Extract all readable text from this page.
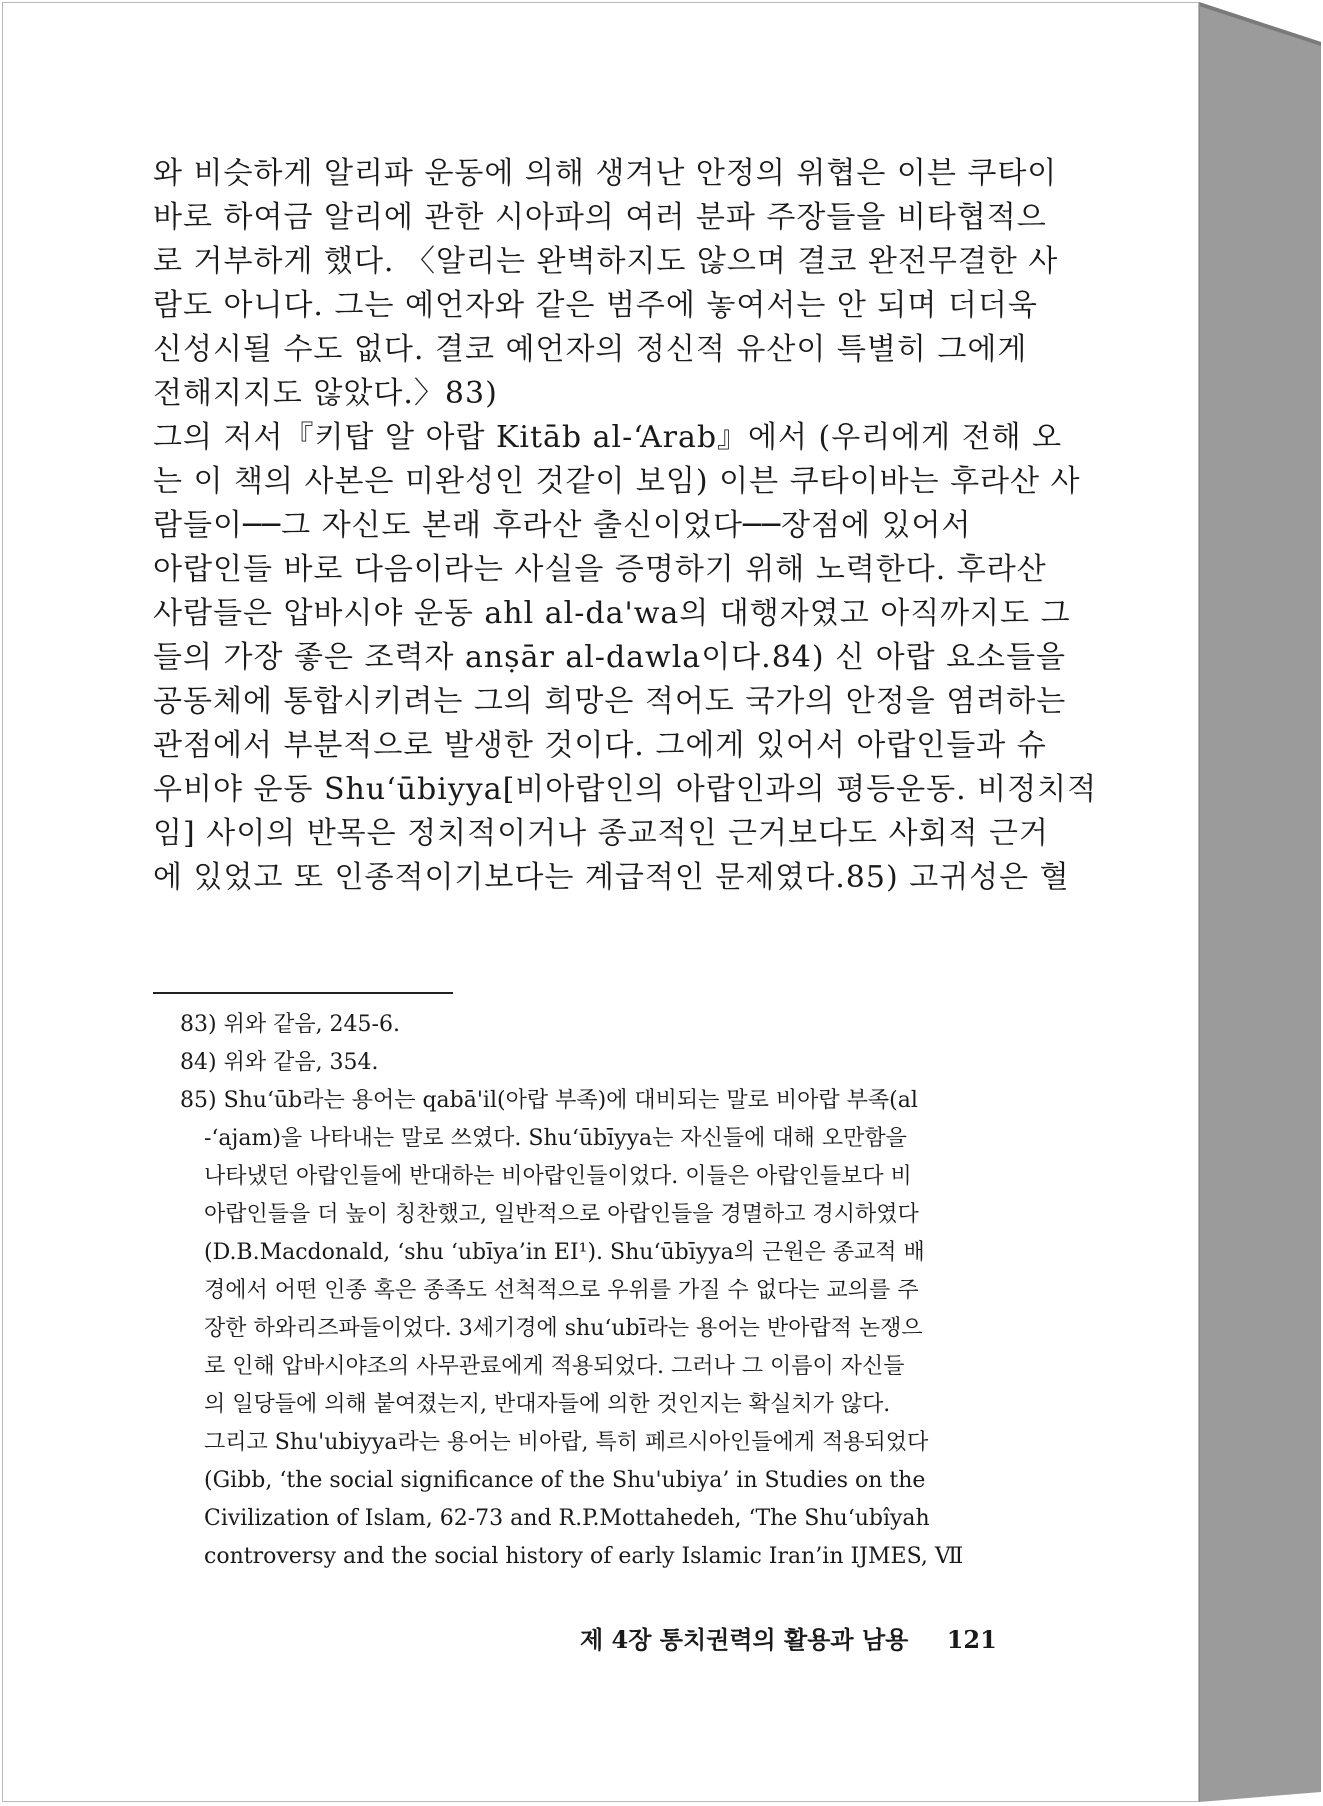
와 비슷하게 알리파 운동에 의해 생겨난 안정의 위협은 이븐 쿠타이
바로 하여금 알리에 관한 시아파의 여러 분파 주장들을 비타협적으
로 거부하게 했다. 〈알리는 완벽하지도 않으며 결코 완전무결한 사
람도 아니다. 그는 예언자와 같은 범주에 놓여서는 안 되며 더더욱
신성시될 수도 없다. 결코 예언자의 정신적 유산이 특별히 그에게
전해지지도 않았다.〉83)
그의 저서『키탑 알 아랍 Kitāb al-‘Arab』에서 (우리에게 전해 오
는 이 책의 사본은 미완성인 것같이 보임) 이븐 쿠타이바는 후라산 사
람들이──그 자신도 본래 후라산 출신이었다──장점에 있어서
아랍인들 바로 다음이라는 사실을 증명하기 위해 노력한다. 후라산
사람들은 압바시야 운동 ahl al-da'wa의 대행자였고 아직까지도 그
들의 가장 좋은 조력자 anṣār al-dawla이다.84) 신 아랍 요소들을
공동체에 통합시키려는 그의 희망은 적어도 국가의 안정을 염려하는
관점에서 부분적으로 발생한 것이다. 그에게 있어서 아랍인들과 슈
우비야 운동 Shu‘ūbiyya[비아랍인의 아랍인과의 평등운동. 비정치적
임] 사이의 반목은 정치적이거나 종교적인 근거보다도 사회적 근거
에 있었고 또 인종적이기보다는 계급적인 문제였다.85) 고귀성은 혈
83) 위와 같음, 245-6.
84) 위와 같음, 354.
85) Shu‘ūb라는 용어는 qabā'il(아랍 부족)에 대비되는 말로 비아랍 부족(al
-‘ajam)을 나타내는 말로 쓰였다. Shu‘ūbīyya는 자신들에 대해 오만함을
나타냈던 아랍인들에 반대하는 비아랍인들이었다. 이들은 아랍인들보다 비
아랍인들을 더 높이 칭찬했고, 일반적으로 아랍인들을 경멸하고 경시하였다
(D.B.Macdonald, ‘shu ‘ubīya’in EI¹). Shu‘ūbīyya의 근원은 종교적 배
경에서 어떤 인종 혹은 종족도 선척적으로 우위를 가질 수 없다는 교의를 주
장한 하와리즈파들이었다. 3세기경에 shu‘ubī라는 용어는 반아랍적 논쟁으
로 인해 압바시야조의 사무관료에게 적용되었다. 그러나 그 이름이 자신들
의 일당들에 의해 붙여졌는지, 반대자들에 의한 것인지는 확실치가 않다.
그리고 Shu'ubiyya라는 용어는 비아랍, 특히 페르시아인들에게 적용되었다
(Gibb, ‘the social significance of the Shu'ubiya’ in Studies on the
Civilization of Islam, 62-73 and R.P.Mottahedeh, ‘The Shu‘ubîyah
controversy and the social history of early Islamic Iran’in IJMES, Ⅶ
제 4장 통치권력의 활용과 남용 121
